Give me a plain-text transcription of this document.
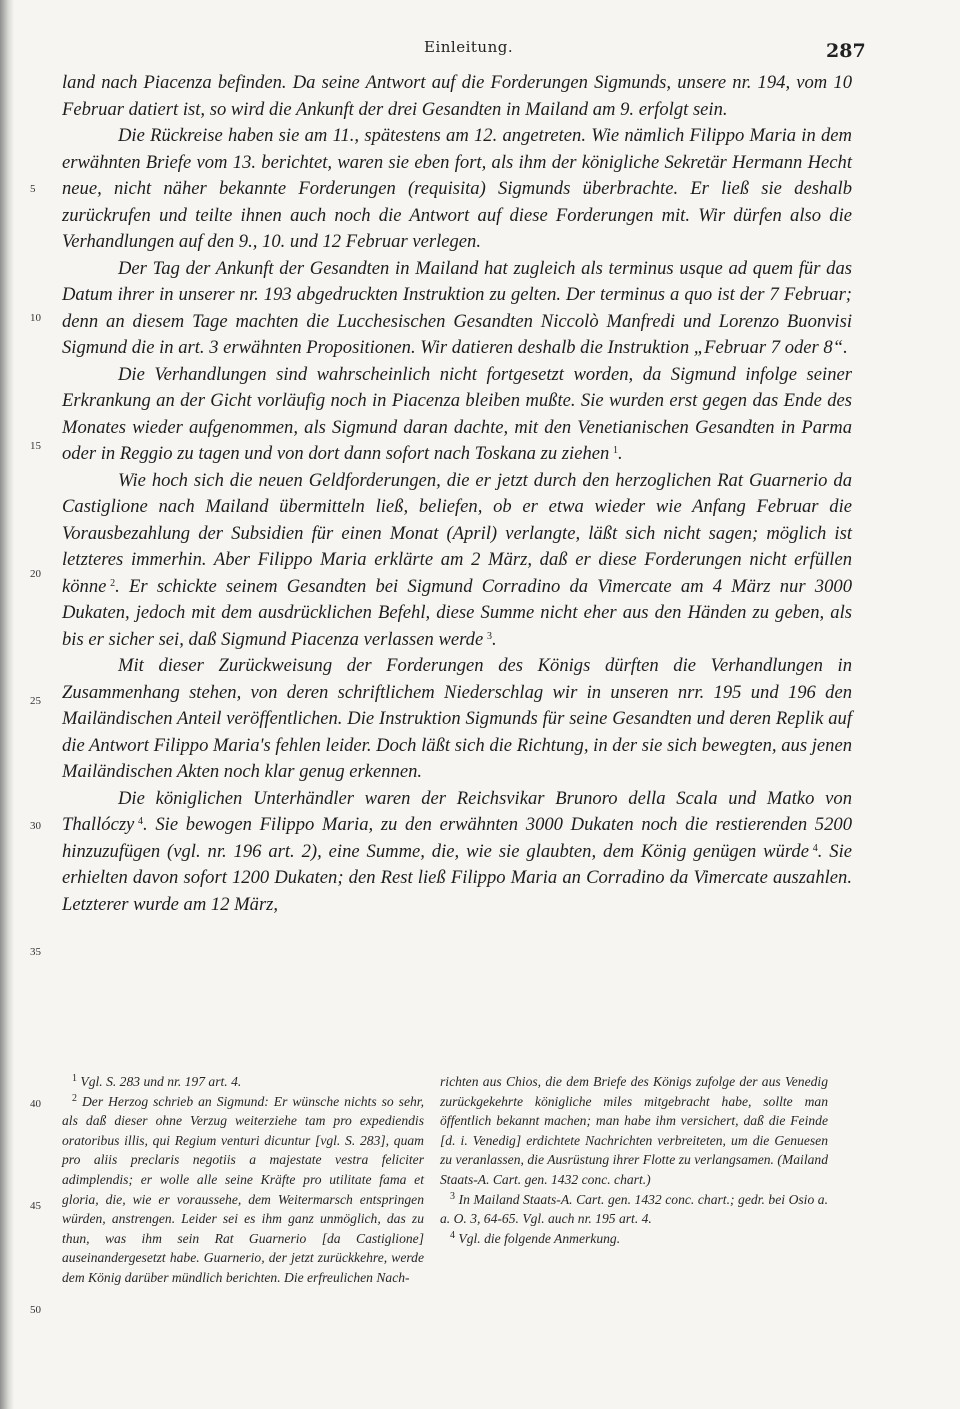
Einleitung.	287
5
10
15
20
25
30
35
40
45
50

land nach Piacenza befinden. Da seine Antwort auf die Forderungen Sigmunds, unsere nr. 194, vom 10 Februar datiert ist, so wird die Ankunft der drei Gesandten in Mailand am 9. erfolgt sein.

Die Rückreise haben sie am 11., spätestens am 12. angetreten. Wie nämlich Filippo Maria in dem erwähnten Briefe vom 13. berichtet, waren sie eben fort, als ihm der königliche Sekretär Hermann Hecht neue, nicht näher bekannte Forderungen (requisita) Sigmunds überbrachte. Er ließ sie deshalb zurückrufen und teilte ihnen auch noch die Antwort auf diese Forderungen mit. Wir dürfen also die Verhandlungen auf den 9., 10. und 12 Februar verlegen.

Der Tag der Ankunft der Gesandten in Mailand hat zugleich als terminus usque ad quem für das Datum ihrer in unserer nr. 193 abgedruckten Instruktion zu gelten. Der terminus a quo ist der 7 Februar; denn an diesem Tage machten die Lucchesischen Gesandten Niccolò Manfredi und Lorenzo Buonvisi Sigmund die in art. 3 erwähnten Propositionen. Wir datieren deshalb die Instruktion „Februar 7 oder 8“.

Die Verhandlungen sind wahrscheinlich nicht fortgesetzt worden, da Sigmund infolge seiner Erkrankung an der Gicht vorläufig noch in Piacenza bleiben mußte. Sie wurden erst gegen das Ende des Monates wieder aufgenommen, als Sigmund daran dachte, mit den Venetianischen Gesandten in Parma oder in Reggio zu tagen und von dort dann sofort nach Toskana zu ziehen  $^1$.

Wie hoch sich die neuen Geldforderungen, die er jetzt durch den herzoglichen Rat Guarnerio da Castiglione nach Mailand übermitteln ließ, beliefen, ob er etwa wieder wie Anfang Februar die Vorausbezahlung der Subsidien für einen Monat (April) verlangte, läßt sich nicht sagen; möglich ist letzteres immerhin. Aber Filippo Maria erklärte am 2 März, daß er diese Forderungen nicht erfüllen könne  $^2$. Er schickte seinem Gesandten bei Sigmund Corradino da Vimercate am 4 März nur 3000 Dukaten, jedoch mit dem ausdrücklichen Befehl, diese Summe nicht eher aus den Händen zu geben, als bis er sicher sei, daß Sigmund Piacenza verlassen werde  $^3$.

Mit dieser Zurückweisung der Forderungen des Königs dürften die Verhandlungen in Zusammenhang stehen, von deren schriftlichem Niederschlag wir in unseren nrr. 195 und 196 den Mailändischen Anteil veröffentlichen. Die Instruktion Sigmunds für seine Gesandten und deren Replik auf die Antwort Filippo Maria's fehlen leider. Doch läßt sich die Richtung, in der sie sich bewegten, aus jenen Mailändischen Akten noch klar genug erkennen.

Die königlichen Unterhändler waren der Reichsvikar Brunoro della Scala und Matko von Thallóczy  $^4$. Sie bewogen Filippo Maria, zu den erwähnten 3000 Dukaten noch die restierenden 5200 hinzuzufügen (vgl. nr. 196 art. 2), eine Summe, die, wie sie glaubten, dem König genügen würde  $^4$. Sie erhielten davon sofort 1200 Dukaten; den Rest ließ Filippo Maria an Corradino da Vimercate auszahlen. Letzterer wurde am 12 März,

$^1$ Vgl. S. 283 und nr. 197 art. 4.

$^2$ Der Herzog schrieb an Sigmund: Er wünsche nichts so sehr, als daß dieser ohne Verzug weiterziehe tam pro expediendis oratoribus illis, qui Regium venturi dicuntur [vgl. S. 283], quam pro aliis preclaris negotiis a majestate vestra feliciter adimplendis; er wolle alle seine Kräfte pro utilitate fama et gloria, die, wie er voraussehe, dem Weitermarsch entspringen würden, anstrengen. Leider sei es ihm ganz unmöglich, das zu thun, was ihm sein Rat Guarnerio [da Castiglione] auseinandergesetzt habe. Guarnerio, der jetzt zurückkehre, werde dem König darüber mündlich berichten. Die erfreulichen Nach-

richten aus Chios, die dem Briefe des Königs zufolge der aus Venedig zurückgekehrte königliche miles mitgebracht habe, sollte man öffentlich bekannt machen; man habe ihm versichert, daß die Feinde [d. i. Venedig] erdichtete Nachrichten verbreiteten, um die Genuesen zu veranlassen, die Ausrüstung ihrer Flotte zu verlangsamen. (Mailand Staats-A. Cart. gen. 1432 conc. chart.)

$^3$ In Mailand Staats-A. Cart. gen. 1432 conc. chart.; gedr. bei Osio a. a. O. 3, 64-65. Vgl. auch nr. 195 art. 4.

$^4$ Vgl. die folgende Anmerkung.
